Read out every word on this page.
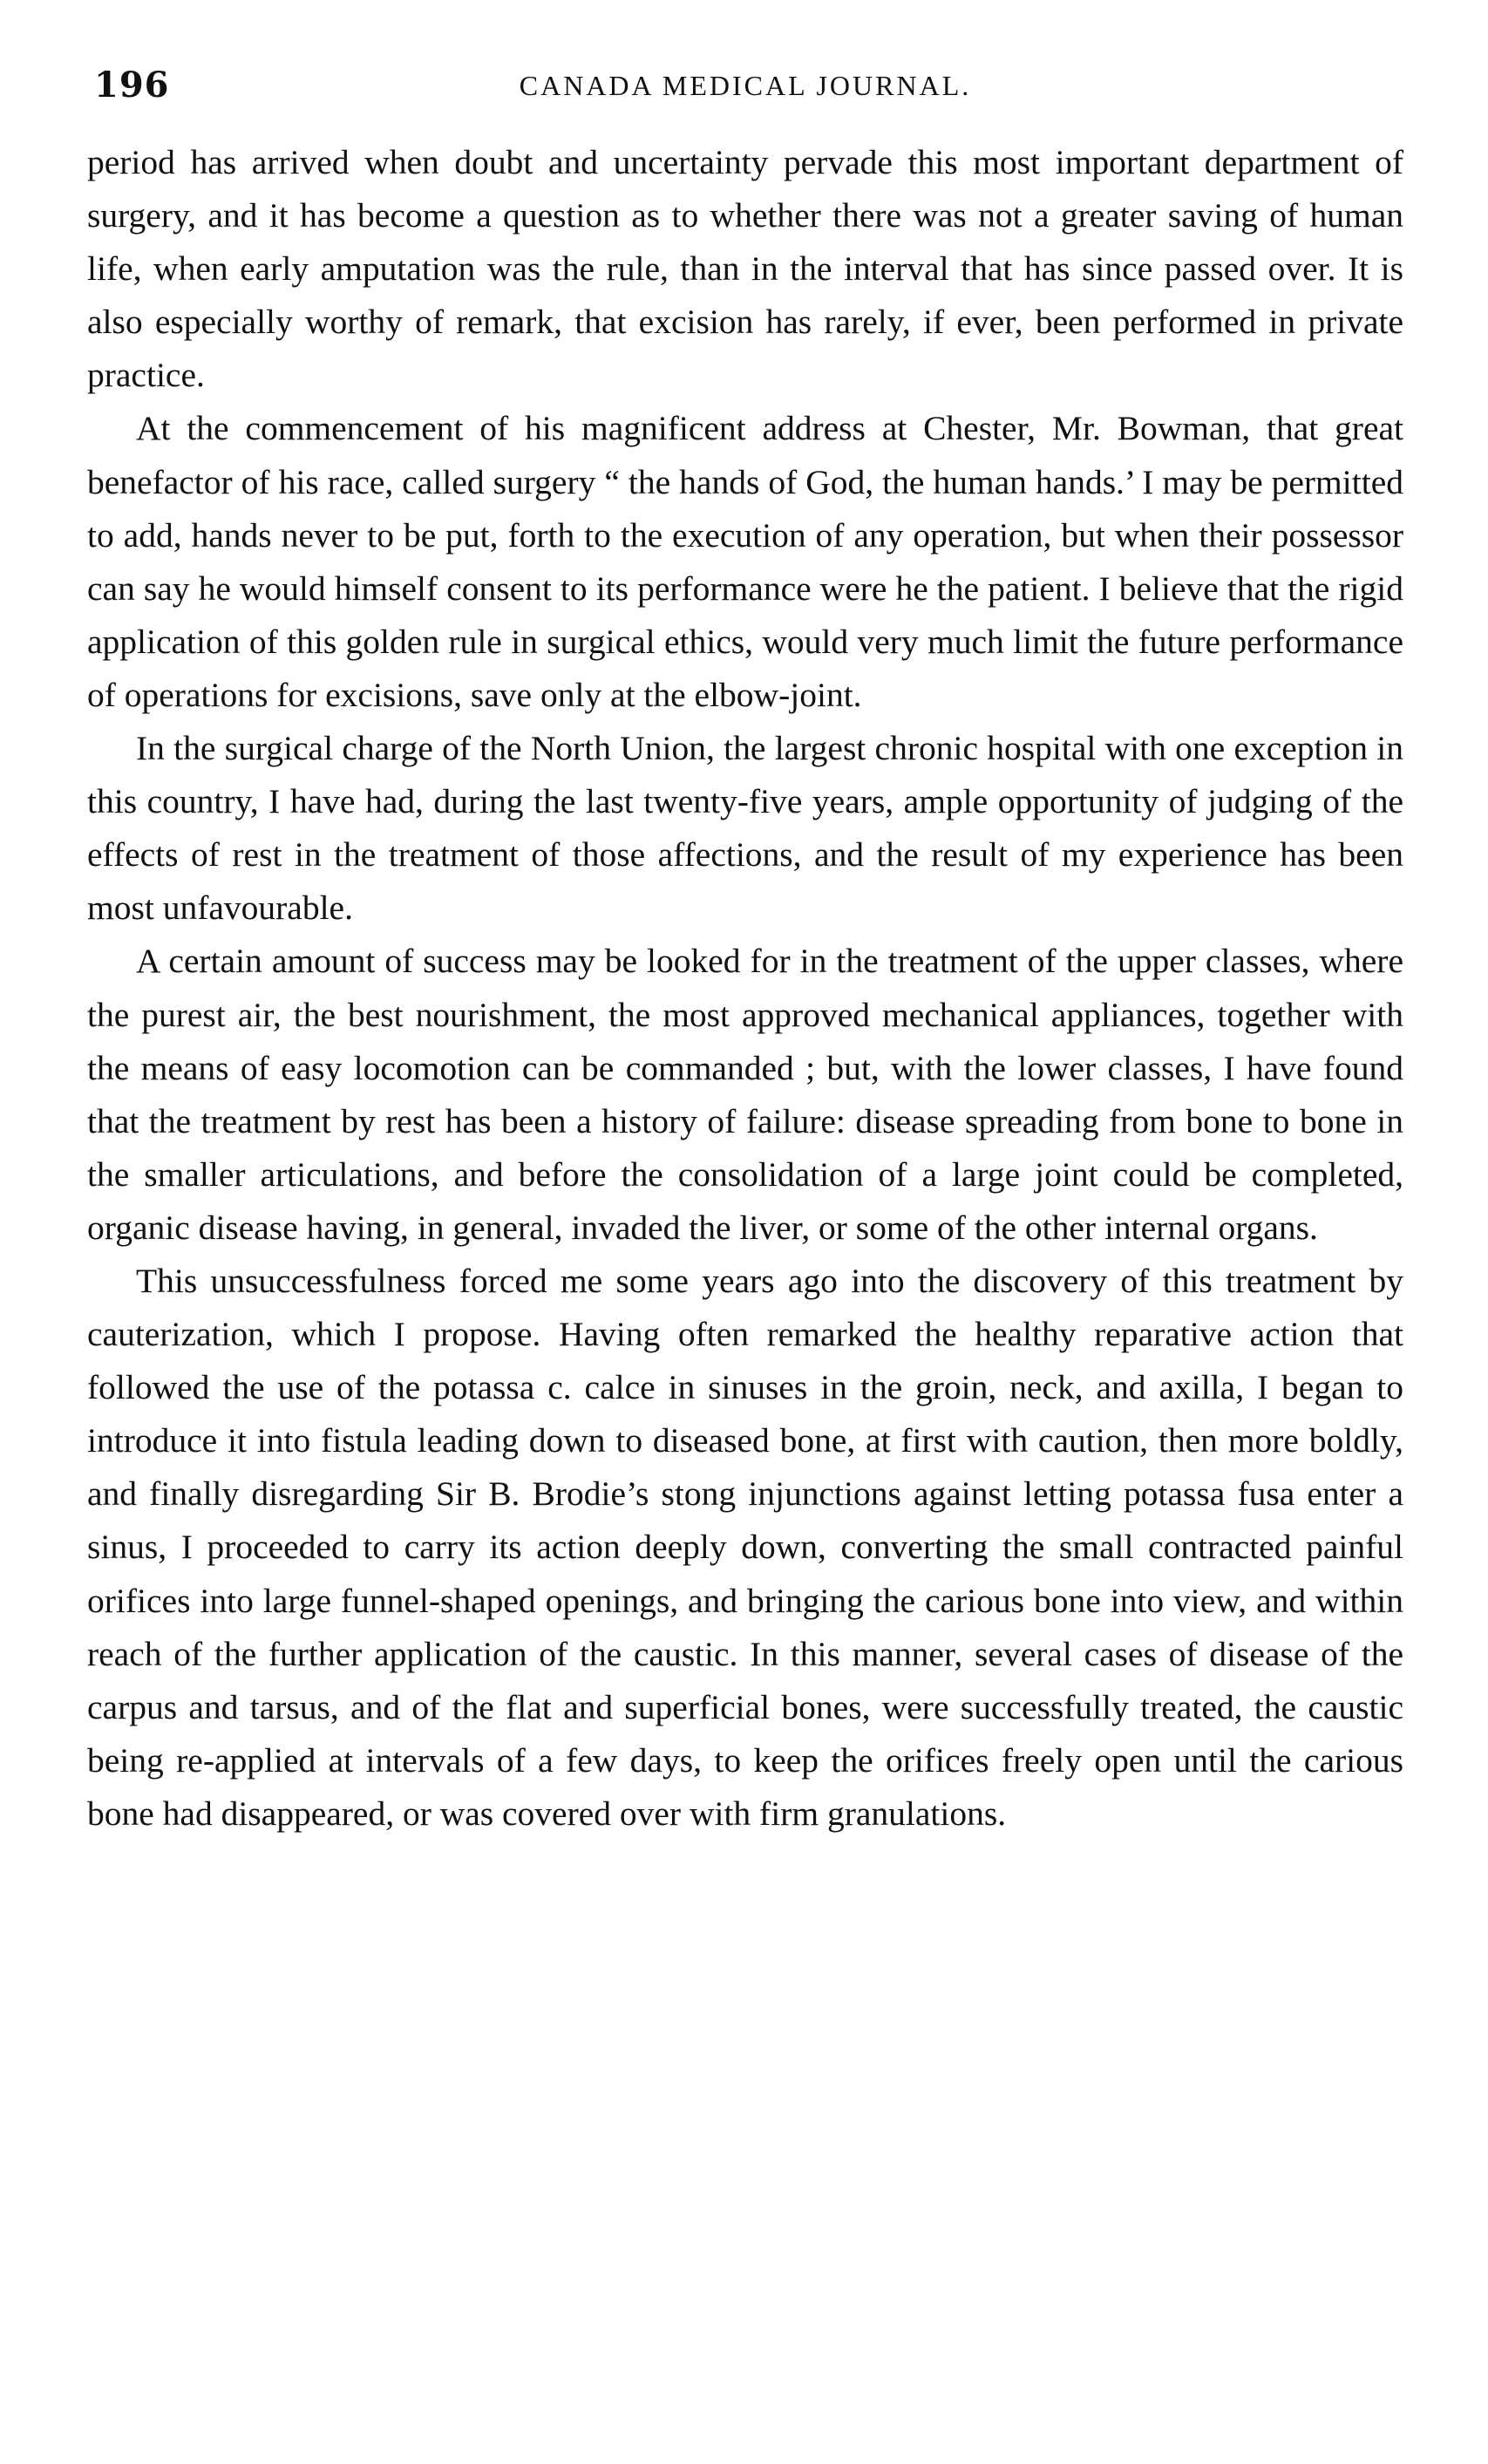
196	CANADA MEDICAL JOURNAL.

period has arrived when doubt and uncertainty pervade this most important department of surgery, and it has become a question as to whether there was not a greater saving of human life, when early amputation was the rule, than in the interval that has since passed over. It is also especially worthy of remark, that excision has rarely, if ever, been performed in private practice.

At the commencement of his magnificent address at Chester, Mr. Bowman, that great benefactor of his race, called surgery “ the hands of God, the human hands.’ I may be permitted to add, hands never to be put, forth to the execution of any operation, but when their possessor can say he would himself consent to its performance were he the patient. I believe that the rigid application of this golden rule in surgical ethics, would very much limit the future performance of operations for excisions, save only at the elbow-joint.

In the surgical charge of the North Union, the largest chronic hospital with one exception in this country, I have had, during the last twenty-five years, ample opportunity of judging of the effects of rest in the treatment of those affections, and the result of my experience has been most unfavourable.

A certain amount of success may be looked for in the treatment of the upper classes, where the purest air, the best nourishment, the most approved mechanical appliances, together with the means of easy locomotion can be commanded ; but, with the lower classes, I have found that the treatment by rest has been a history of failure: disease spreading from bone to bone in the smaller articulations, and before the consolidation of a large joint could be completed, organic disease having, in general, invaded the liver, or some of the other internal organs.

This unsuccessfulness forced me some years ago into the discovery of this treatment by cauterization, which I propose. Having often remarked the healthy reparative action that followed the use of the potassa c. calce in sinuses in the groin, neck, and axilla, I began to introduce it into fistula leading down to diseased bone, at first with caution, then more boldly, and finally disregarding Sir B. Brodie’s stong injunctions against letting potassa fusa enter a sinus, I proceeded to carry its action deeply down, converting the small contracted painful orifices into large funnel-shaped openings, and bringing the carious bone into view, and within reach of the further application of the caustic. In this manner, several cases of disease of the carpus and tarsus, and of the flat and superficial bones, were successfully treated, the caustic being re-applied at intervals of a few days, to keep the orifices freely open until the carious bone had disappeared, or was covered over with firm granulations.
